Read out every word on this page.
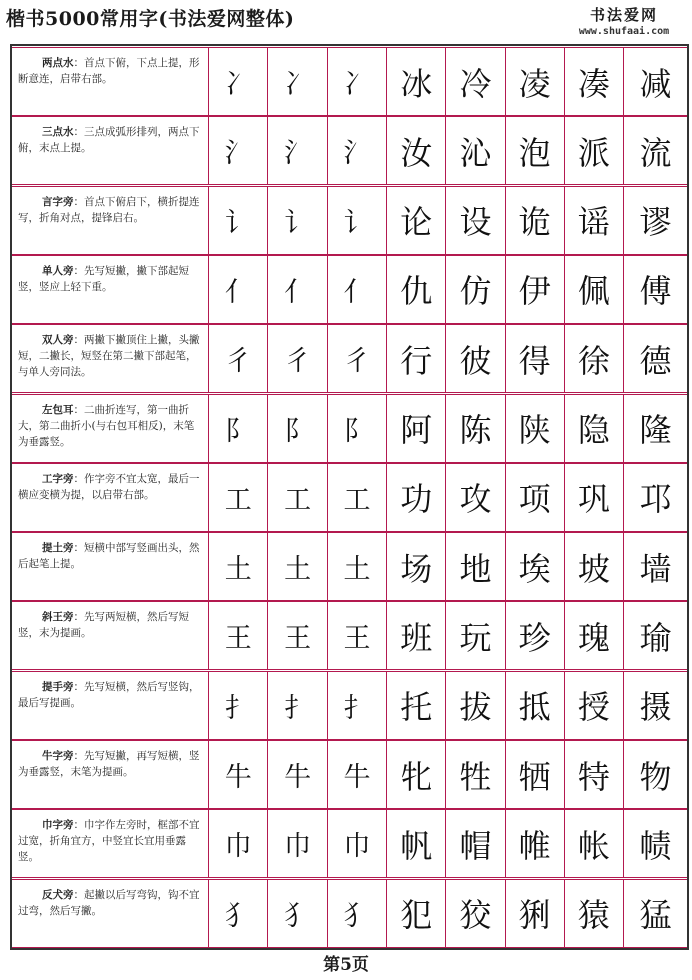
楷书5000常用字(书法爱网整体)	书法爱网
www.shufaai.com
两点水：首点下俯，下点上提，形断意连，启带右部。	冫	冫	冫 冰 冷 凌 凑 减
三点水：三点成弧形排列，两点下俯，末点上提。	氵	氵	氵 汝 沁 泡 派 流
言字旁：首点下俯启下，横折提连写，折角对点，提锋启右。	讠	讠	讠 论 设 诡 谣 谬
单人旁：先写短撇，撇下部起短竖，竖应上轻下重。	亻	亻	亻 仇 仿 伊 佩 傅
双人旁：两撇下撇顶住上撇，头撇短，二撇长，短竖在第二撇下部起笔，与单人旁同法。	彳	彳	彳 行 彼 得 徐 德
左包耳：二曲折连写，第一曲折大，第二曲折小(与右包耳相反)，末笔为垂露竖。	阝	阝	阝 阿 陈 陕 隐 隆
工字旁：作字旁不宜太宽，最后一横应变横为提，以启带右部。	工	工	工 功 攻 项 巩 邛
提土旁：短横中部写竖画出头，然后起笔上提。	土	土	土 场 地 埃 坡 墙
斜王旁：先写两短横，然后写短竖，末为提画。	王	王	王 班 玩 珍 瑰 瑜
提手旁：先写短横，然后写竖钩，最后写提画。	扌	扌	扌 托 拔 抵 授 摄
牛字旁：先写短撇，再写短横，竖为垂露竖，末笔为提画。	牛	牛	牛 牝 牲 牺 特 物
巾字旁：巾字作左旁时，框部不宜过宽，折角宜方，中竖宜长宜用垂露竖。	巾	巾	巾 帆 帽 帷 帐 帻
反犬旁：起撇以后写弯钩，钩不宜过弯，然后写撇。	犭	犭	犭 犯 狡 猁 猿 猛
第5页
